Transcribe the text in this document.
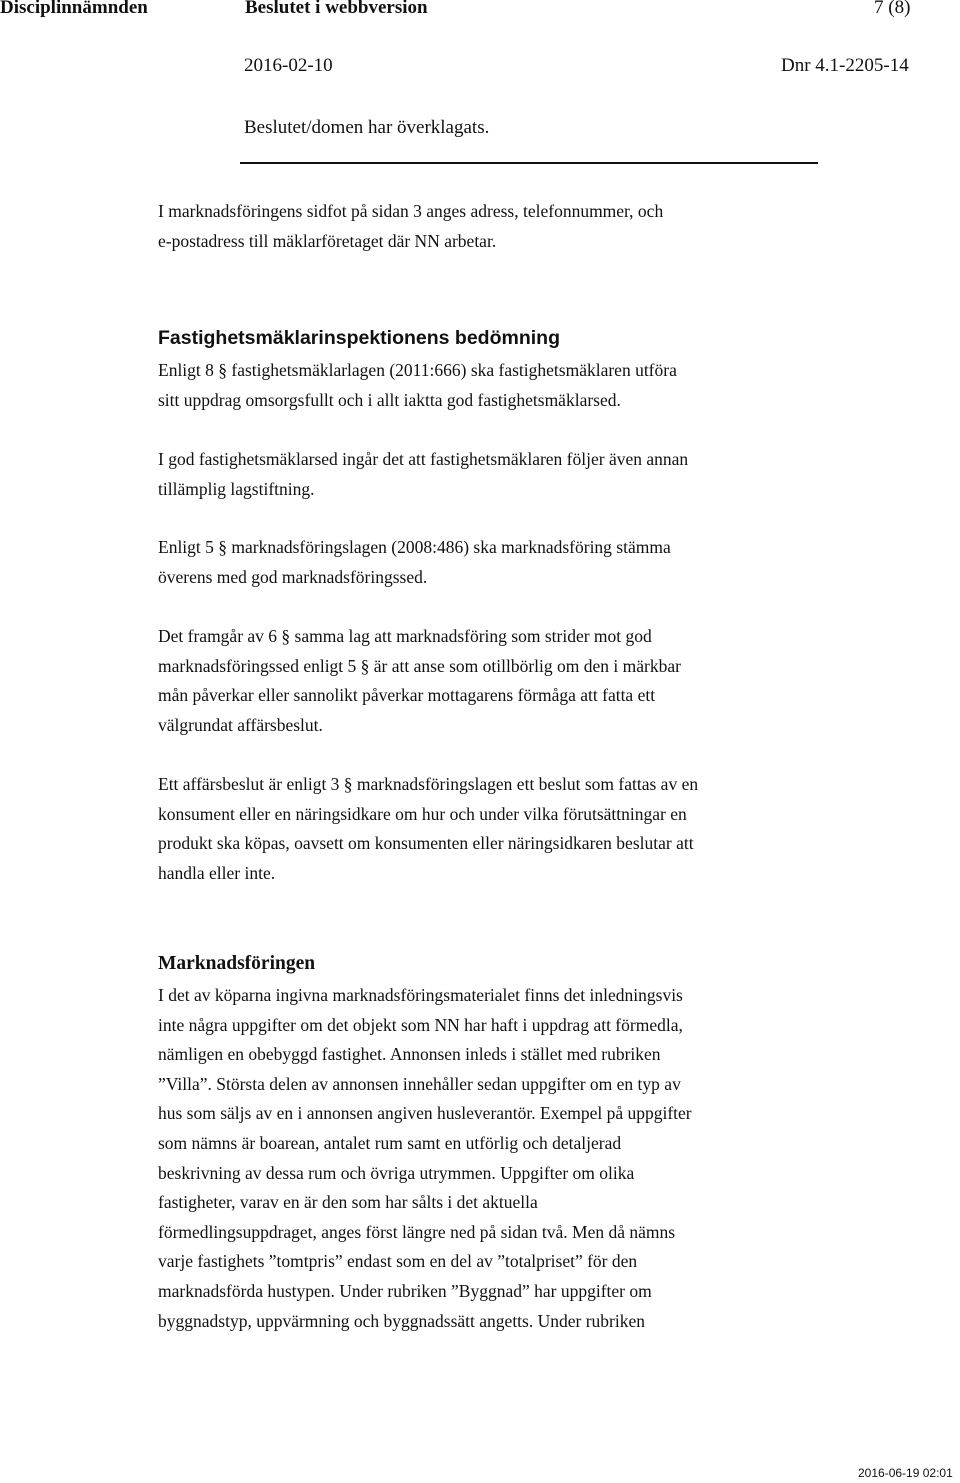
Disciplinnämnden	Beslutet i webbversion	7 (8)
2016-02-10	Dnr 4.1-2205-14
Beslutet/domen har överklagats.
I marknadsföringens sidfot på sidan 3 anges adress, telefonnummer, och
e-postadress till mäklarföretaget där NN arbetar.
Fastighetsmäklarinspektionens bedömning
Enligt 8 § fastighetsmäklarlagen (2011:666) ska fastighetsmäklaren utföra
sitt uppdrag omsorgsfullt och i allt iaktta god fastighetsmäklarsed.
I god fastighetsmäklarsed ingår det att fastighetsmäklaren följer även annan
tillämplig lagstiftning.
Enligt 5 § marknadsföringslagen (2008:486) ska marknadsföring stämma
överens med god marknadsföringssed.
Det framgår av 6 § samma lag att marknadsföring som strider mot god
marknadsföringssed enligt 5 § är att anse som otillbörlig om den i märkbar
mån påverkar eller sannolikt påverkar mottagarens förmåga att fatta ett
välgrundat affärsbeslut.
Ett affärsbeslut är enligt 3 § marknadsföringslagen ett beslut som fattas av en
konsument eller en näringsidkare om hur och under vilka förutsättningar en
produkt ska köpas, oavsett om konsumenten eller näringsidkaren beslutar att
handla eller inte.
Marknadsföringen
I det av köparna ingivna marknadsföringsmaterialet finns det inledningsvis
inte några uppgifter om det objekt som NN har haft i uppdrag att förmedla,
nämligen en obebyggd fastighet. Annonsen inleds i stället med rubriken
”Villa”. Största delen av annonsen innehåller sedan uppgifter om en typ av
hus som säljs av en i annonsen angiven husleverantör. Exempel på uppgifter
som nämns är boarean, antalet rum samt en utförlig och detaljerad
beskrivning av dessa rum och övriga utrymmen. Uppgifter om olika
fastigheter, varav en är den som har sålts i det aktuella
förmedlingsuppdraget, anges först längre ned på sidan två. Men då nämns
varje fastighets ”tomtpris” endast som en del av ”totalpriset” för den
marknadsförda hustypen. Under rubriken ”Byggnad” har uppgifter om
byggnadstyp, uppvärmning och byggnadssätt angetts. Under rubriken
2016-06-19 02:01
